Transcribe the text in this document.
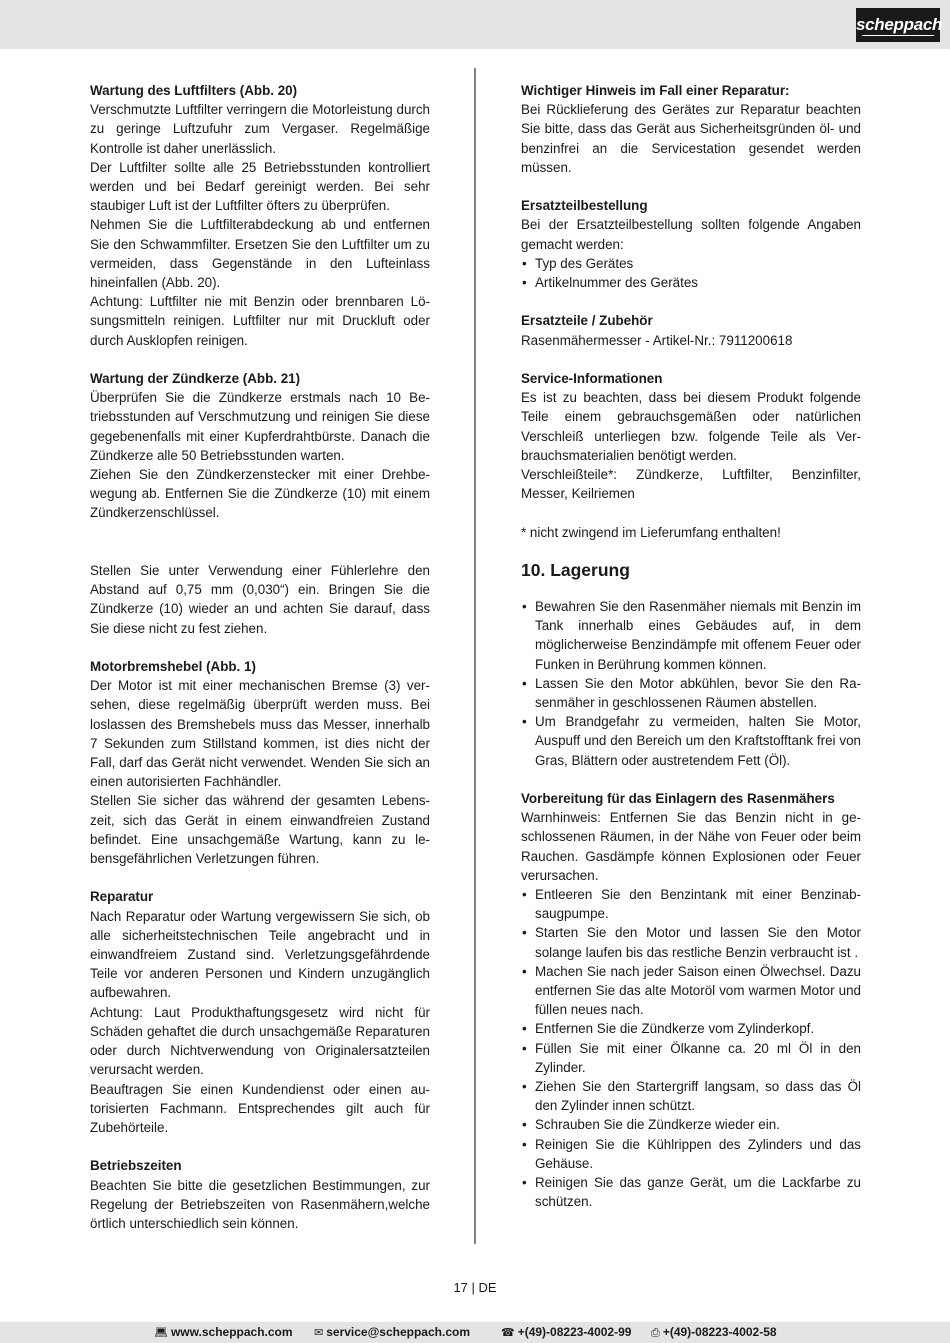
scheppach
Wartung des Luftfilters (Abb. 20)
Verschmutzte Luftfilter verringern die Motorleistung durch zu geringe Luftzufuhr zum Vergaser. Regelmäßige Kontrolle ist daher unerlässlich.
Der Luftfilter sollte alle 25 Betriebsstunden kontrolliert werden und bei Bedarf gereinigt werden. Bei sehr staubiger Luft ist der Luftfilter öfters zu überprüfen.
Nehmen Sie die Luftfilterabdeckung ab und entfernen Sie den Schwammfilter. Ersetzen Sie den Luftfilter um zu vermeiden, dass Gegenstände in den Lufteinlass hineinfallen (Abb. 20).
Achtung: Luftfilter nie mit Benzin oder brennbaren Lösungsmitteln reinigen. Luftfilter nur mit Druckluft oder durch Ausklopfen reinigen.
Wartung der Zündkerze (Abb. 21)
Überprüfen Sie die Zündkerze erstmals nach 10 Betriebsstunden auf Verschmutzung und reinigen Sie diese gegebenenfalls mit einer Kupferdrahtbürste. Danach die Zündkerze alle 50 Betriebsstunden warten.
Ziehen Sie den Zündkerzenstecker mit einer Drehbewegung ab. Entfernen Sie die Zündkerze (10) mit einem Zündkerzenschlüssel.
Stellen Sie unter Verwendung einer Fühlerlehre den Abstand auf 0,75 mm (0,030“) ein. Bringen Sie die Zündkerze (10) wieder an und achten Sie darauf, dass Sie diese nicht zu fest ziehen.
Motorbremshebel (Abb. 1)
Der Motor ist mit einer mechanischen Bremse (3) versehen, diese regelmäßig überprüft werden muss. Bei loslassen des Bremshebels muss das Messer, innerhalb 7 Sekunden zum Stillstand kommen, ist dies nicht der Fall, darf das Gerät nicht verwendet. Wenden Sie sich an einen autorisierten Fachhändler.
Stellen Sie sicher das während der gesamten Lebenszeit, sich das Gerät in einem einwandfreien Zustand befindet. Eine unsachgemäße Wartung, kann zu lebensgefährlichen Verletzungen führen.
Reparatur
Nach Reparatur oder Wartung vergewissern Sie sich, ob alle sicherheitstechnischen Teile angebracht und in einwandfreiem Zustand sind. Verletzungsgefährdende Teile vor anderen Personen und Kindern unzugänglich aufbewahren.
Achtung: Laut Produkthaftungsgesetz wird nicht für Schäden gehaftet die durch unsachgemäße Reparaturen oder durch Nichtverwendung von Originalersatzteilen verursacht werden.
Beauftragen Sie einen Kundendienst oder einen autorisierten Fachmann. Entsprechendes gilt auch für Zubehörteile.
Betriebszeiten
Beachten Sie bitte die gesetzlichen Bestimmungen, zur Regelung der Betriebszeiten von Rasenmähern,welche örtlich unterschiedlich sein können.
Wichtiger Hinweis im Fall einer Reparatur:
Bei Rücklieferung des Gerätes zur Reparatur beachten Sie bitte, dass das Gerät aus Sicherheitsgründen öl- und benzinfrei an die Servicestation gesendet werden müssen.
Ersatzteilbestellung
Bei der Ersatzteilbestellung sollten folgende Angaben gemacht werden:
• Typ des Gerätes
• Artikelnummer des Gerätes
Ersatzteile / Zubehör
Rasenmähermesser - Artikel-Nr.: 7911200618
Service-Informationen
Es ist zu beachten, dass bei diesem Produkt folgende Teile einem gebrauchsgemäßen oder natürlichen Verschleiß unterliegen bzw. folgende Teile als Verbrauchsmaterialien benötigt werden.
Verschleißteile*: Zündkerze, Luftfilter, Benzinfilter, Messer, Keilriemen
* nicht zwingend im Lieferumfang enthalten!
10. Lagerung
• Bewahren Sie den Rasenmäher niemals mit Benzin im Tank innerhalb eines Gebäudes auf, in dem möglicherweise Benzindämpfe mit offenem Feuer oder Funken in Berührung kommen können.
• Lassen Sie den Motor abkühlen, bevor Sie den Rasenmäher in geschlossenen Räumen abstellen.
• Um Brandgefahr zu vermeiden, halten Sie Motor, Auspuff und den Bereich um den Kraftstofftank frei von Gras, Blättern oder austretendem Fett (Öl).
Vorbereitung für das Einlagern des Rasenmähers
Warnhinweis: Entfernen Sie das Benzin nicht in geschlossenen Räumen, in der Nähe von Feuer oder beim Rauchen. Gasdämpfe können Explosionen oder Feuer verursachen.
• Entleeren Sie den Benzintank mit einer Benzinabsaugpumpe.
• Starten Sie den Motor und lassen Sie den Motor solange laufen bis das restliche Benzin verbraucht ist .
• Machen Sie nach jeder Saison einen Ölwechsel. Dazu entfernen Sie das alte Motoröl vom warmen Motor und füllen neues nach.
• Entfernen Sie die Zündkerze vom Zylinderkopf.
• Füllen Sie mit einer Ölkanne ca. 20 ml Öl in den Zylinder.
• Ziehen Sie den Startergriff langsam, so dass das Öl den Zylinder innen schützt.
• Schrauben Sie die Zündkerze wieder ein.
• Reinigen Sie die Kühlrippen des Zylinders und das Gehäuse.
• Reinigen Sie das ganze Gerät, um die Lackfarbe zu schützen.
17 | DE
💻︎ www.scheppach.com ✉︎ service@scheppach.com	☎︎ +(49)-08223-4002-99 ⎙ +(49)-08223-4002-58
